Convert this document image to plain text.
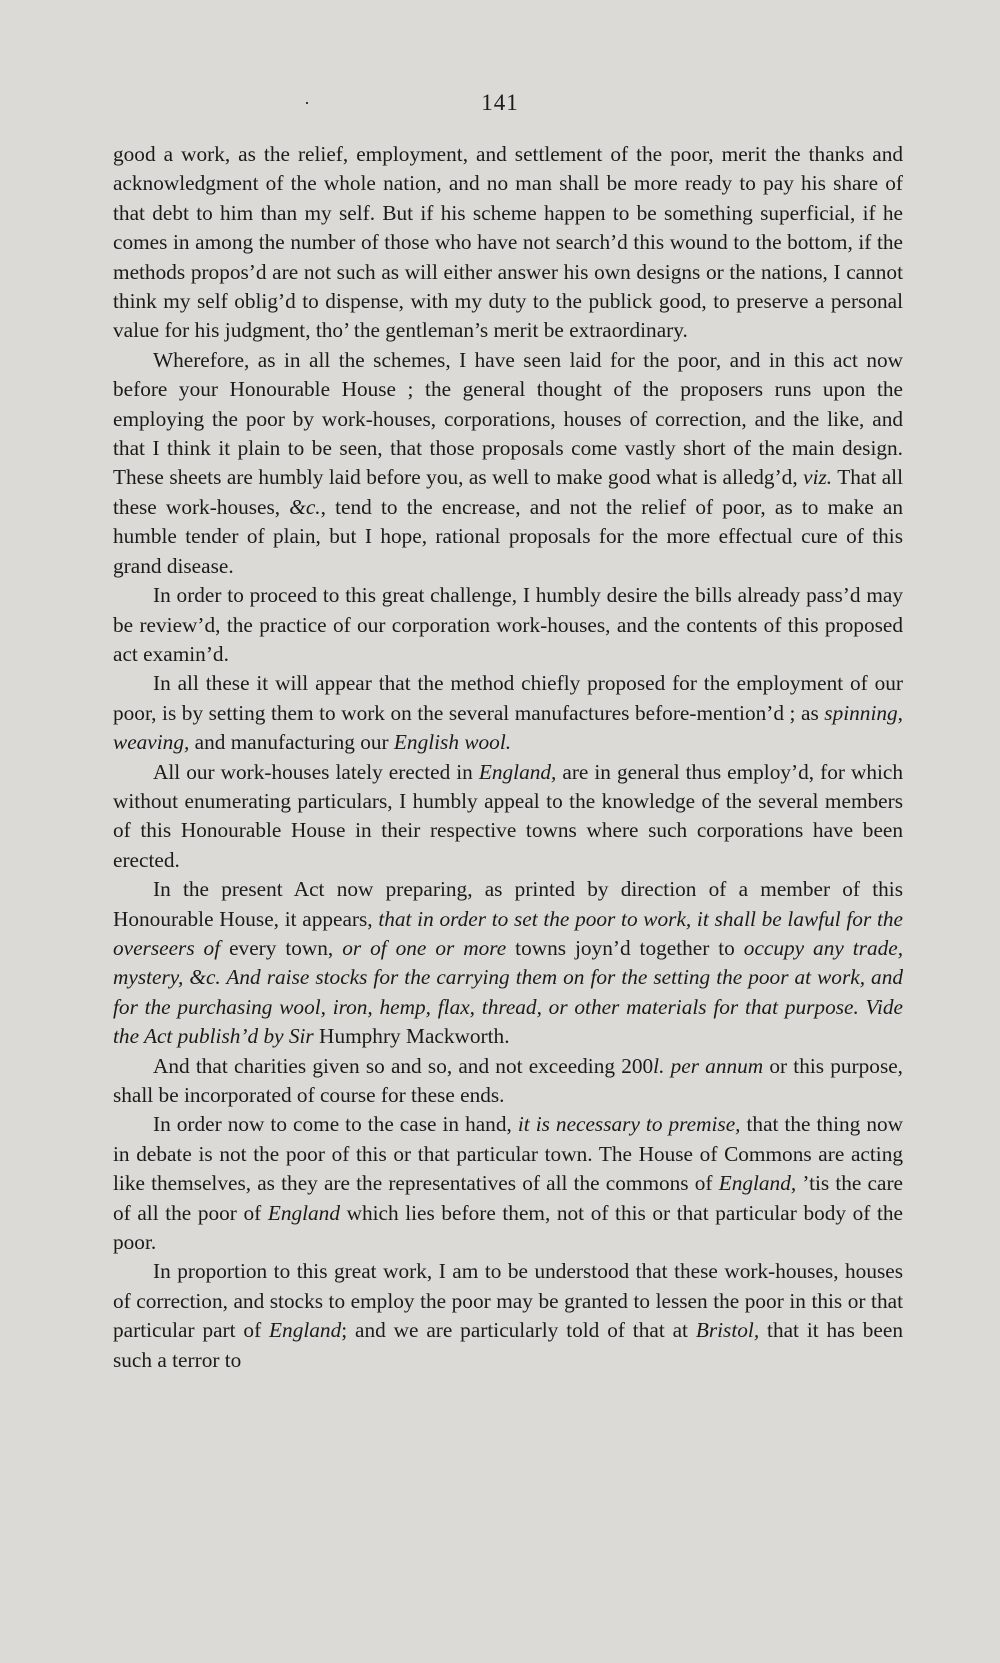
·	141

good a work, as the relief, employment, and settlement of the poor, merit the thanks and acknowledgment of the whole nation, and no man shall be more ready to pay his share of that debt to him than my self. But if his scheme happen to be something superficial, if he comes in among the number of those who have not search’d this wound to the bottom, if the methods propos’d are not such as will either answer his own designs or the nations, I cannot think my self oblig’d to dispense, with my duty to the publick good, to preserve a personal value for his judgment, tho’ the gentleman’s merit be extraordinary.

Wherefore, as in all the schemes, I have seen laid for the poor, and in this act now before your Honourable House ; the general thought of the proposers runs upon the employing the poor by work-houses, corporations, houses of correction, and the like, and that I think it plain to be seen, that those proposals come vastly short of the main design. These sheets are humbly laid before you, as well to make good what is alledg’d, viz. That all these work-houses, &c., tend to the encrease, and not the relief of poor, as to make an humble tender of plain, but I hope, rational proposals for the more effectual cure of this grand disease.

In order to proceed to this great challenge, I humbly desire the bills already pass’d may be review’d, the practice of our corporation work-houses, and the contents of this proposed act examin’d.

In all these it will appear that the method chiefly proposed for the employment of our poor, is by setting them to work on the several manufactures before-mention’d ; as spinning, weaving, and manufacturing our English wool.

All our work-houses lately erected in England, are in general thus employ’d, for which without enumerating particulars, I humbly appeal to the knowledge of the several members of this Honourable House in their respective towns where such corporations have been erected.

In the present Act now preparing, as printed by direction of a member of this Honourable House, it appears, that in order to set the poor to work, it shall be lawful for the overseers of every town, or of one or more towns joyn’d together to occupy any trade, mystery, &c. And raise stocks for the carrying them on for the setting the poor at work, and for the purchasing wool, iron, hemp, flax, thread, or other materials for that purpose. Vide the Act publish’d by Sir Humphry Mackworth.

And that charities given so and so, and not exceeding 200l. per annum or this purpose, shall be incorporated of course for these ends.

In order now to come to the case in hand, it is necessary to premise, that the thing now in debate is not the poor of this or that particular town. The House of Commons are acting like themselves, as they are the representatives of all the commons of England, ’tis the care of all the poor of England which lies before them, not of this or that particular body of the poor.

In proportion to this great work, I am to be understood that these work-houses, houses of correction, and stocks to employ the poor may be granted to lessen the poor in this or that particular part of England; and we are particularly told of that at Bristol, that it has been such a terror to
